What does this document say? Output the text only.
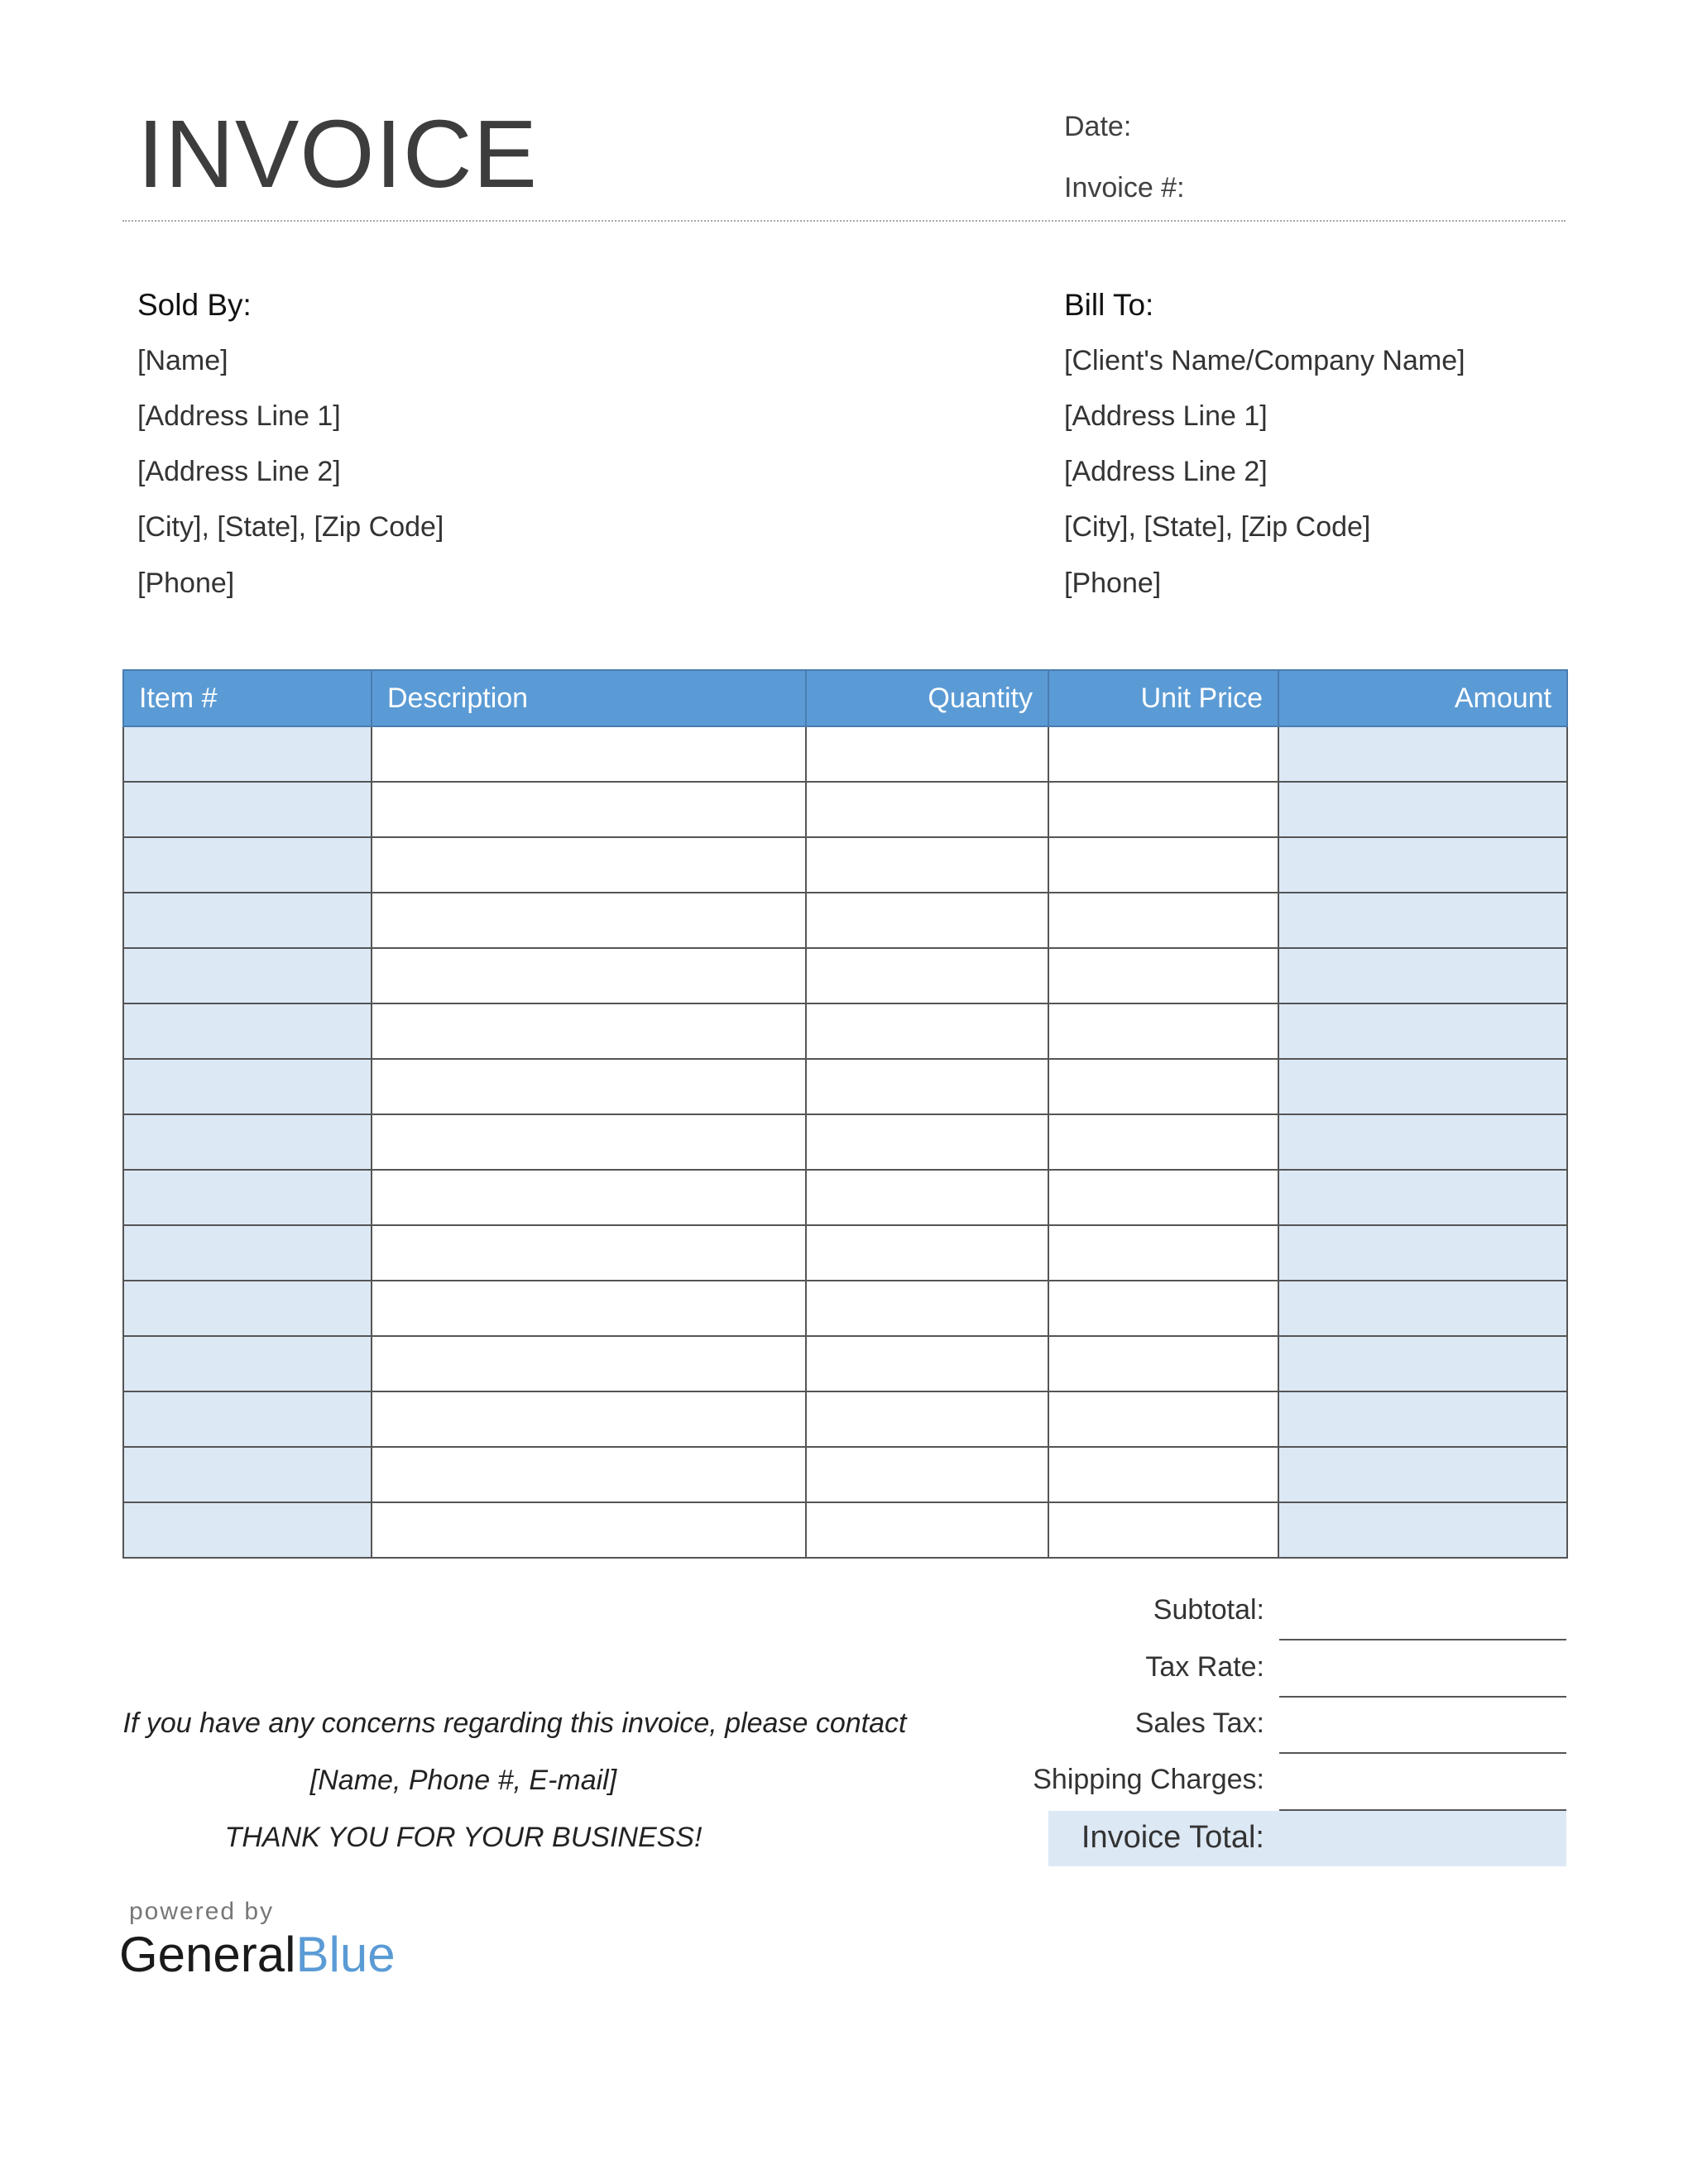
INVOICE	Date:
Invoice #:
Sold By:
[Name]
[Address Line 1]
[Address Line 2]
[City], [State], [Zip Code]
[Phone]
Bill To:
[Client's Name/Company Name]
[Address Line 1]
[Address Line 2]
[City], [State], [Zip Code]
[Phone]
Item #	Description	Quantity	Unit Price	Amount

Subtotal:
Tax Rate:
Sales Tax:
Shipping Charges:
Invoice Total:
If you have any concerns regarding this invoice, please contact
[Name, Phone #, E-mail]
THANK YOU FOR YOUR BUSINESS!
powered by
GeneralBlue
